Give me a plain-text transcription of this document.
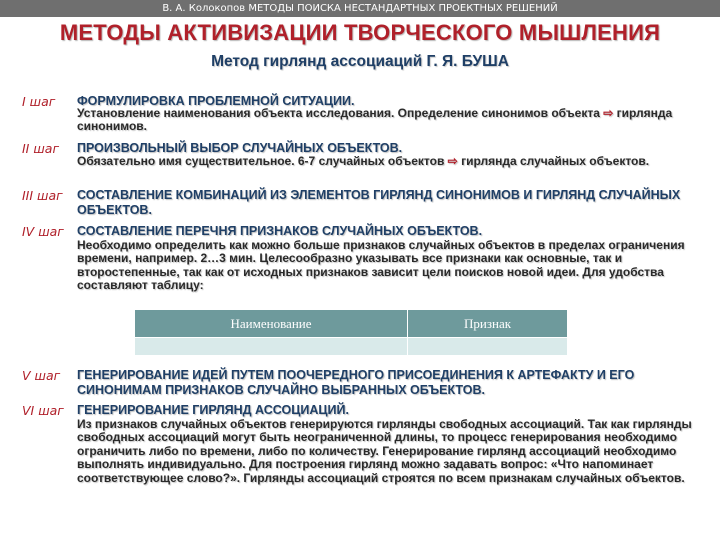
В. А. Колокопов МЕТОДЫ ПОИСКА НЕСТАНДАРТНЫХ ПРОЕКТНЫХ РЕШЕНИЙ
МЕТОДЫ АКТИВИЗАЦИИ ТВОРЧЕСКОГО МЫШЛЕНИЯ
Метод гирлянд ассоциаций Г. Я. БУША
I шаг ФОРМУЛИРОВКА ПРОБЛЕМНОЙ СИТУАЦИИ.
Установление наименования объекта исследования. Определение синонимов объекта ⇨ гирлянда синонимов.
II шаг ПРОИЗВОЛЬНЫЙ ВЫБОР СЛУЧАЙНЫХ ОБЪЕКТОВ.
Обязательно имя существительное. 6-7 случайных объектов ⇨ гирлянда случайных объектов.
III шаг СОСТАВЛЕНИЕ КОМБИНАЦИЙ ИЗ ЭЛЕМЕНТОВ ГИРЛЯНД СИНОНИМОВ И ГИРЛЯНД СЛУЧАЙНЫХ ОБЪЕКТОВ.
IV шаг СОСТАВЛЕНИЕ ПЕРЕЧНЯ ПРИЗНАКОВ СЛУЧАЙНЫХ ОБЪЕКТОВ.
Необходимо определить как можно больше признаков случайных объектов в пределах ограничения времени, например. 2…3 мин. Целесообразно указывать все признаки как основные, так и второстепенные, так как от исходных признаков зависит цели поисков новой идеи. Для удобства составляют таблицу:
V шаг ГЕНЕРИРОВАНИЕ ИДЕЙ ПУТЕМ ПООЧЕРЕДНОГО ПРИСОЕДИНЕНИЯ К АРТЕФАКТУ И ЕГО СИНОНИМАМ ПРИЗНАКОВ СЛУЧАЙНО ВЫБРАННЫХ ОБЪЕКТОВ.
VI шаг ГЕНЕРИРОВАНИЕ ГИРЛЯНД АССОЦИАЦИЙ.
Из признаков случайных объектов генерируются гирлянды свободных ассоциаций. Так как гирлянды свободных ассоциаций могут быть неограниченной длины, то процесс генерирования необходимо ограничить либо по времени, либо по количеству. Генерирование гирлянд ассоциаций необходимо выполнять индивидуально. Для построения гирлянд можно задавать вопрос: «Что напоминает соответствующее слово?». Гирлянды ассоциаций строятся по всем признакам случайных объектов.
Наименование	Признак
